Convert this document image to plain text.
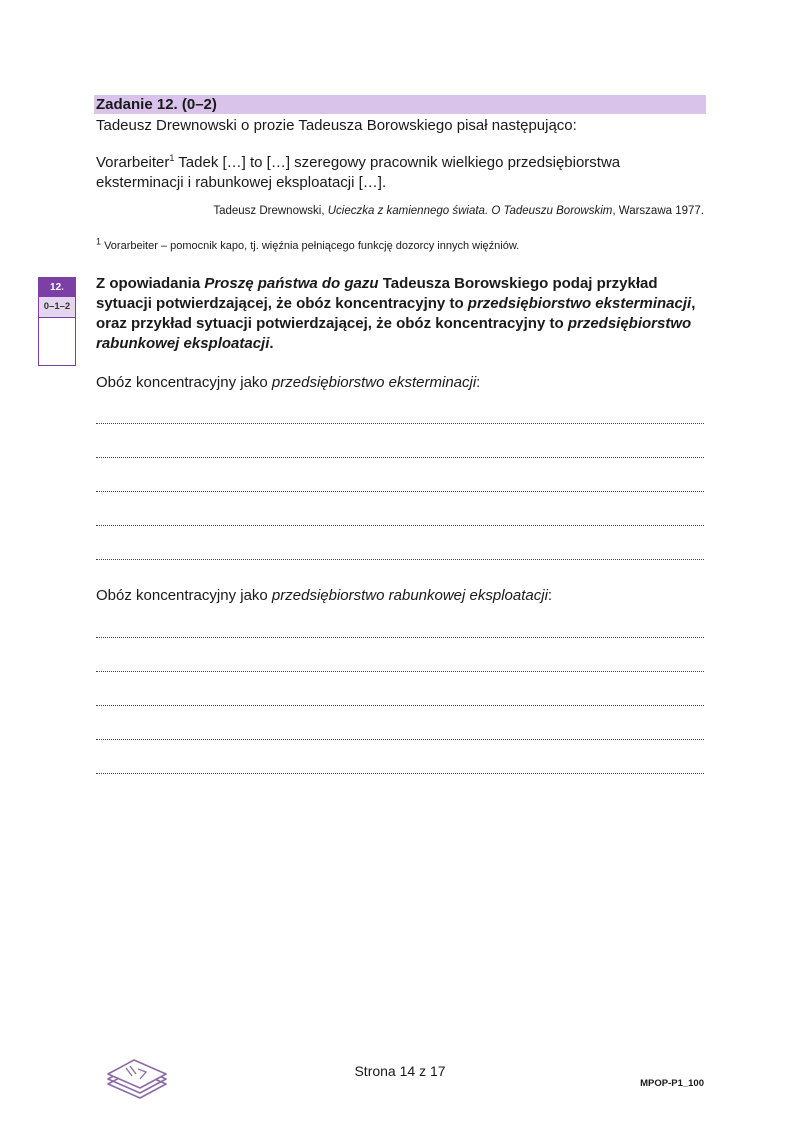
Zadanie 12. (0–2)
Tadeusz Drewnowski o prozie Tadeusza Borowskiego pisał następująco:
Vorarbeiter$^1$ Tadek […] to […] szeregowy pracownik wielkiego przedsiębiorstwa
eksterminacji i rabunkowej eksploatacji […].
Tadeusz Drewnowski, Ucieczka z kamiennego świata. O Tadeuszu Borowskim, Warszawa 1977.
$^1$ Vorarbeiter – pomocnik kapo, tj. więźnia pełniącego funkcję dozorcy innych więźniów.
12.
0–1–2
Z opowiadania Proszę państwa do gazu Tadeusza Borowskiego podaj przykład sytuacji potwierdzającej, że obóz koncentracyjny to przedsiębiorstwo eksterminacji, oraz przykład sytuacji potwierdzającej, że obóz koncentracyjny to przedsiębiorstwo rabunkowej eksploatacji.
Obóz koncentracyjny jako przedsiębiorstwo eksterminacji:
Obóz koncentracyjny jako przedsiębiorstwo rabunkowej eksploatacji:
Strona 14 z 17
MPOP-P1_100
